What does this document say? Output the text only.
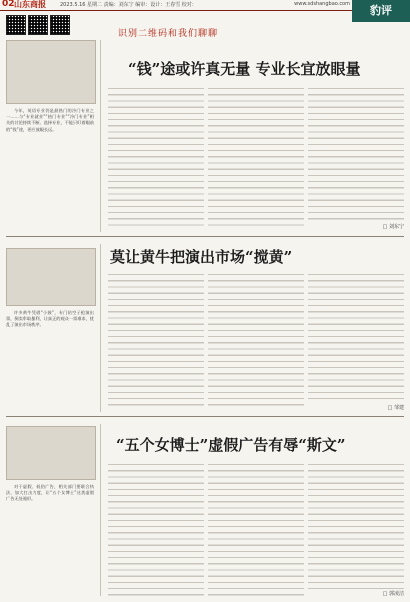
02 山东商报	2023.5.16 星期二 责编：刘东宁 编审：设计：王春雪 校对：	www.sdshangbao.com	豹评
识别二维码和我们聊聊

今年，英语专业仍是最热门的冷门专业之一……与“专业就业”“热门专业”“冷门专业”相关的讨论持续不断。选择专业，不能只盯着眼前的“钱”途，更应放眼长远。

“钱”途或许真无量 专业长宜放眼量
□ 刘东宁

许多黄牛凭借“小鼓”，专门钻空子抢演出票，倒卖牟取暴利，让真正的观众一票难求，扰乱了演出市场秩序。

莫让黄牛把演出市场“搅黄”
□ 邹建

对于虚假、低俗广告，相关部门要联合执法，加大打击力度，让“五个女博士”这类虚假广告无处遁形。

“五个女博士”虚假广告有辱“斯文”
□ 郭凌洁
